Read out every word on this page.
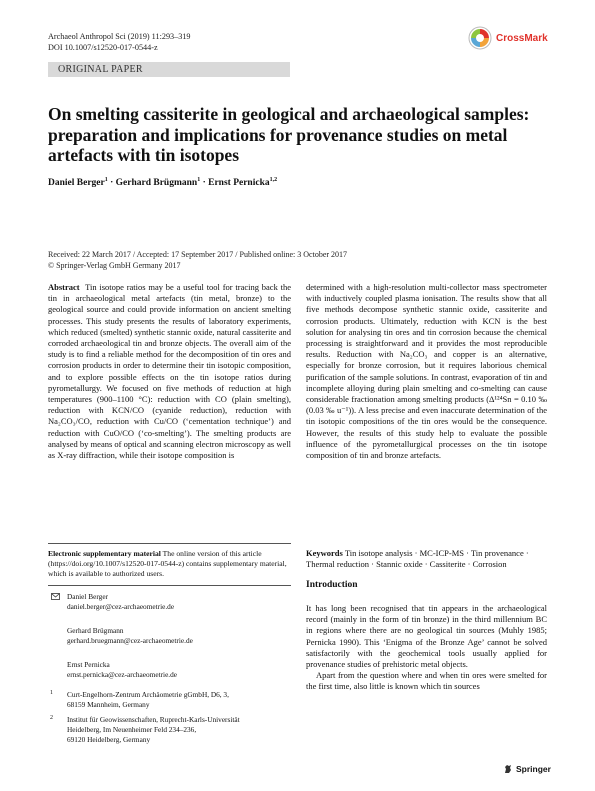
Archaeol Anthropol Sci (2019) 11:293–319
DOI 10.1007/s12520-017-0544-z
CrossMark
ORIGINAL PAPER
On smelting cassiterite in geological and archaeological samples: preparation and implications for provenance studies on metal artefacts with tin isotopes
Daniel Berger$^1$ · Gerhard Brügmann$^1$ · Ernst Pernicka$^{1,2}$
Received: 22 March 2017 / Accepted: 17 September 2017 / Published online: 3 October 2017
© Springer-Verlag GmbH Germany 2017

Abstract Tin isotope ratios may be a useful tool for tracing back the tin in archaeological metal artefacts (tin metal, bronze) to the geological source and could provide information on ancient smelting processes. This study presents the results of laboratory experiments, which reduced (smelted) synthetic stannic oxide, natural cassiterite and corroded archaeological tin and bronze objects. The overall aim of the study is to find a reliable method for the decomposition of tin ores and corrosion products in order to determine their tin isotopic composition, and to explore possible effects on the tin isotope ratios during pyrometallurgy. We focused on five methods of reduction at high temperatures (900–1100 °C): reduction with CO (plain smelting), reduction with KCN/CO (cyanide reduction), reduction with Na₂CO₃/CO, reduction with Cu/CO (‘cementation technique’) and reduction with CuO/CO (‘co-smelting’). The smelting products are analysed by means of optical and scanning electron microscopy as well as X-ray diffraction, while their isotope composition is

determined with a high-resolution multi-collector mass spectrometer with inductively coupled plasma ionisation. The results show that all five methods decompose synthetic stannic oxide, cassiterite and corrosion products. Ultimately, reduction with KCN is the best solution for analysing tin ores and tin corrosion because the chemical processing is straightforward and it provides the most reproducible results. Reduction with Na₂CO₃ and copper is an alternative, especially for bronze corrosion, but it requires laborious chemical purification of the sample solutions. In contrast, evaporation of tin and incomplete alloying during plain smelting and co-smelting can cause considerable fractionation among smelting products (Δ¹²⁴Sn = 0.10 ‰ (0.03 ‰ u⁻¹)). A less precise and even inaccurate determination of the tin isotopic compositions of the tin ores would be the consequence. However, the results of this study help to evaluate the possible influence of the pyrometallurgical processes on the tin isotope composition of tin and bronze artefacts.

Electronic supplementary material The online version of this article (https://doi.org/10.1007/s12520-017-0544-z) contains supplementary material, which is available to authorized users.
Daniel Berger
daniel.berger@cez-archaeometrie.de
Gerhard Brügmann
gerhard.bruegmann@cez-archaeometrie.de
Ernst Pernicka
ernst.pernicka@cez-archaeometrie.de
1 Curt-Engelhorn-Zentrum Archäometrie gGmbH, D6, 3,
68159 Mannheim, Germany
2 Institut für Geowissenschaften, Ruprecht-Karls-Universität
Heidelberg, Im Neuenheimer Feld 234–236,
69120 Heidelberg, Germany
Keywords Tin isotope analysis · MC-ICP-MS · Tin provenance · Thermal reduction · Stannic oxide · Cassiterite · Corrosion
Introduction

It has long been recognised that tin appears in the archaeological record (mainly in the form of tin bronze) in the third millennium BC in regions where there are no geological tin sources (Muhly 1985; Pernicka 1990). This ‘Enigma of the Bronze Age’ cannot be solved satisfactorily with the geochemical tools usually applied for provenance studies of prehistoric metal objects.

Apart from the question where and when tin ores were smelted for the first time, also little is known which tin sources

Springer
